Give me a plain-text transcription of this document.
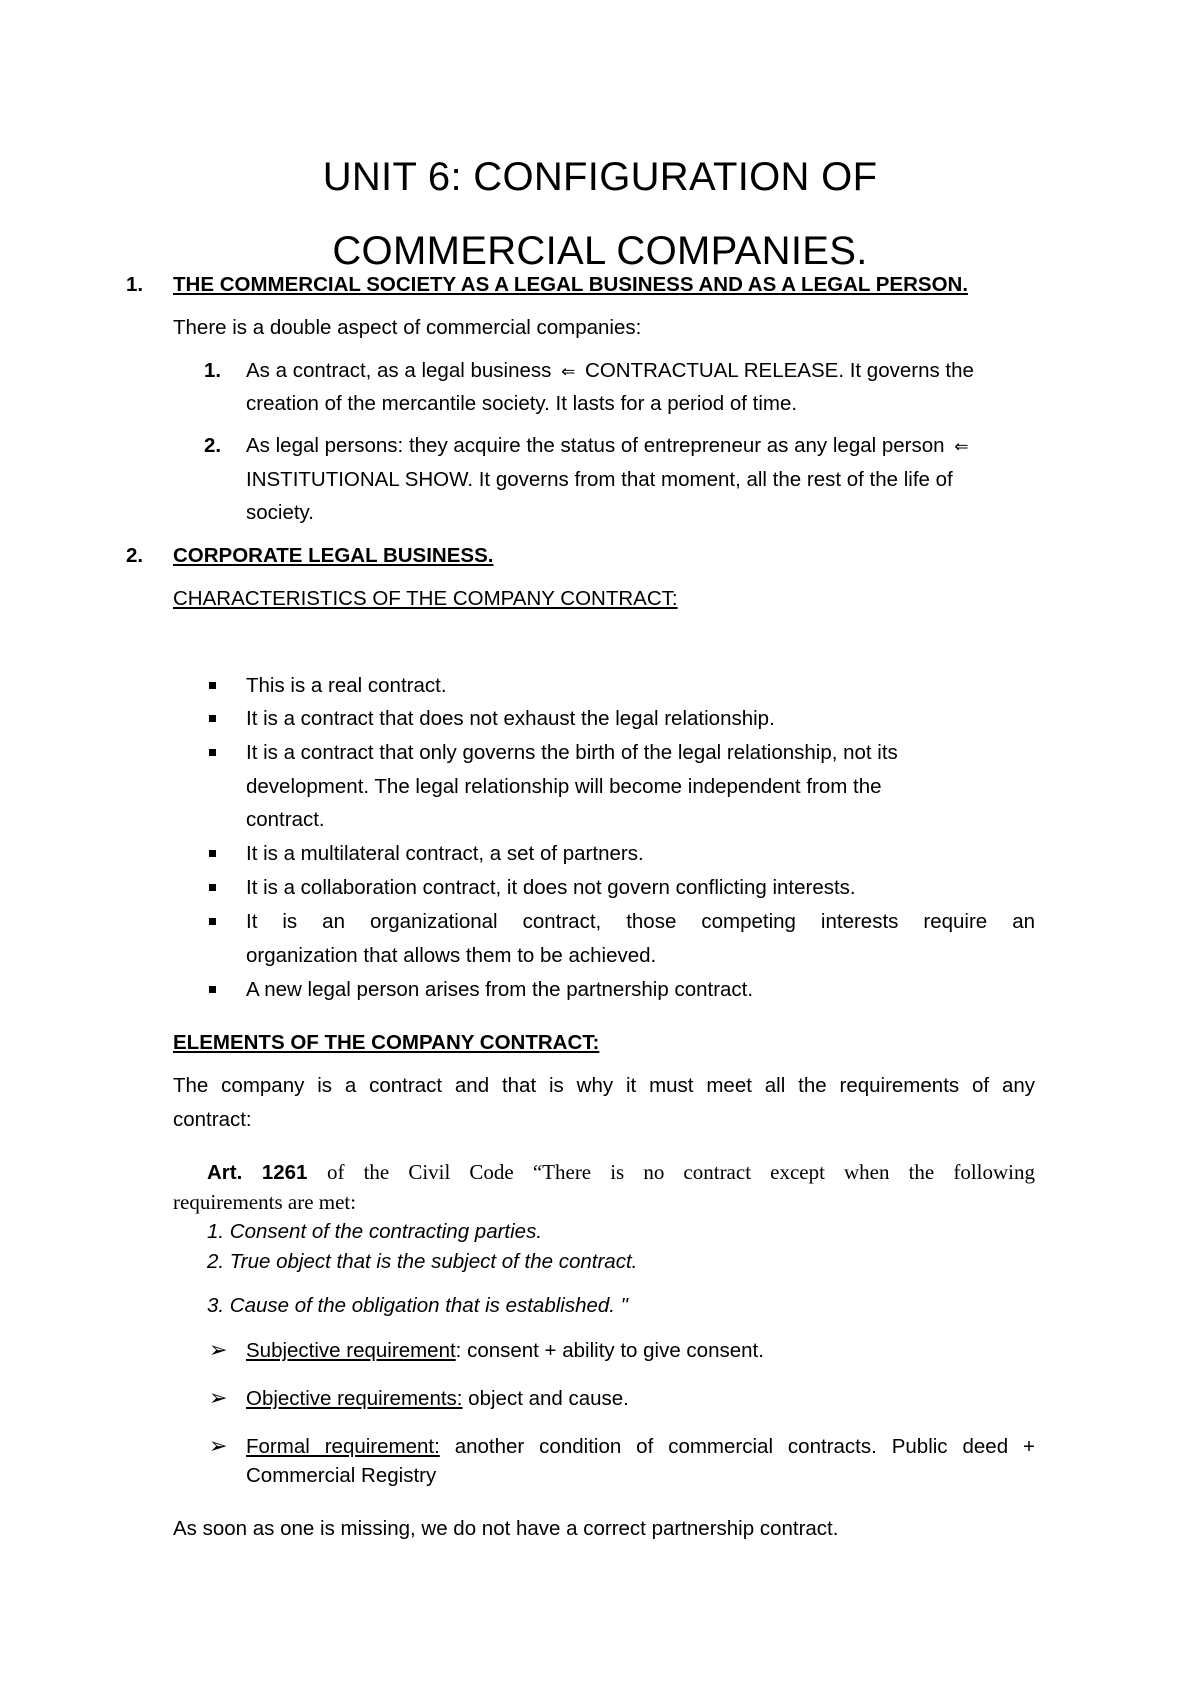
UNIT 6: CONFIGURATION OF
COMMERCIAL COMPANIES.
1. THE COMMERCIAL SOCIETY AS A LEGAL BUSINESS AND AS A LEGAL PERSON.
There is a double aspect of commercial companies:
1. As a contract, as a legal business ⇐ CONTRACTUAL RELEASE. It governs the
creation of the mercantile society. It lasts for a period of time.
2. As legal persons: they acquire the status of entrepreneur as any legal person ⇐
INSTITUTIONAL SHOW. It governs from that moment, all the rest of the life of
society.
2. CORPORATE LEGAL BUSINESS.
CHARACTERISTICS OF THE COMPANY CONTRACT:
This is a real contract.
It is a contract that does not exhaust the legal relationship.
It is a contract that only governs the birth of the legal relationship, not its
development. The legal relationship will become independent from the
contract.
It is a multilateral contract, a set of partners.
It is a collaboration contract, it does not govern conflicting interests.
It is an organizational contract, those competing interests require an
organization that allows them to be achieved.
A new legal person arises from the partnership contract.
ELEMENTS OF THE COMPANY CONTRACT:
The company is a contract and that is why it must meet all the requirements of any
contract:
Art. 1261 of the Civil Code “There is no contract except when the following
requirements are met:
1. Consent of the contracting parties.
2. True object that is the subject of the contract.
3. Cause of the obligation that is established. "
➢ Subjective requirement: consent + ability to give consent.
➢ Objective requirements: object and cause.
➢ Formal requirement: another condition of commercial contracts. Public deed +
Commercial Registry
As soon as one is missing, we do not have a correct partnership contract.
